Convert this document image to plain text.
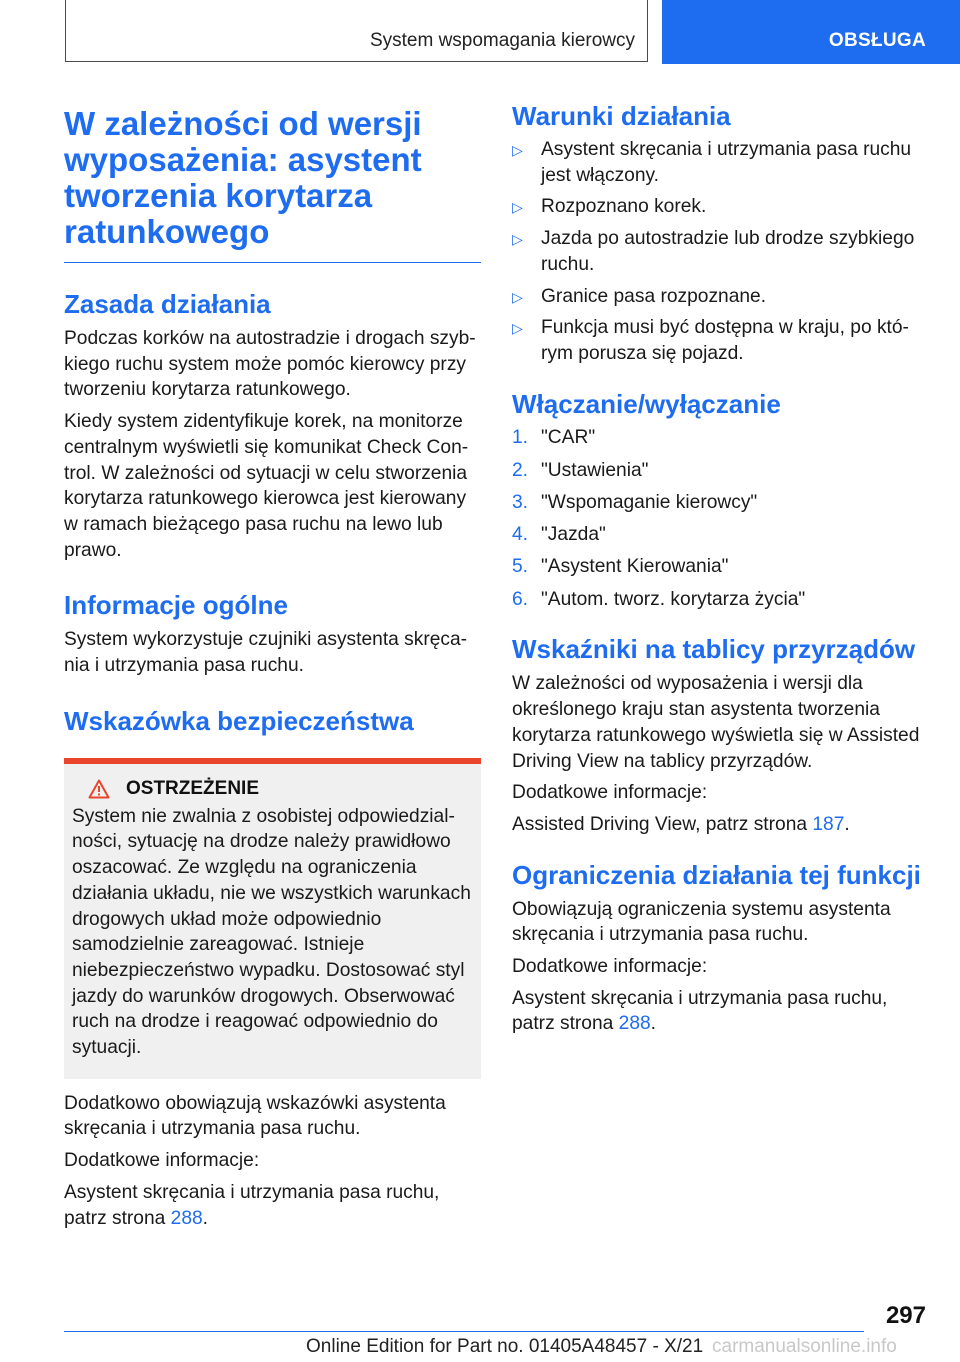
System wspomagania kierowcy	OBSŁUGA
W zależności od wersji wyposażenia: asystent tworzenia korytarza ratunkowego
Zasada działania

Podczas korków na autostradzie i drogach szybkiego ruchu system może pomóc kierowcy przy tworzeniu korytarza ratunkowego.

Kiedy system zidentyfikuje korek, na monitorze centralnym wyświetli się komunikat Check Control. W zależności od sytuacji w celu stworzenia korytarza ratunkowego kierowca jest kierowany w ramach bieżącego pasa ruchu na lewo lub prawo.

Informacje ogólne

System wykorzystuje czujniki asystenta skręcania i utrzymania pasa ruchu.

Wskazówka bezpieczeństwa
OSTRZEŻENIE

System nie zwalnia z osobistej odpowiedzialności, sytuację na drodze należy prawidłowo oszacować. Ze względu na ograniczenia działania układu, nie we wszystkich warunkach drogowych układ może odpowiednio samodzielnie zareagować. Istnieje niebezpieczeństwo wypadku. Dostosować styl jazdy do warunków drogowych. Obserwować ruch na drodze i reagować odpowiednio do sytuacji.

Dodatkowo obowiązują wskazówki asystenta skręcania i utrzymania pasa ruchu.

Dodatkowe informacje:

Asystent skręcania i utrzymania pasa ruchu, patrz strona 288.

Warunki działania
▷ Asystent skręcania i utrzymania pasa ruchu jest włączony.
▷ Rozpoznano korek.
▷ Jazda po autostradzie lub drodze szybkiego ruchu.
▷ Granice pasa rozpoznane.
▷ Funkcja musi być dostępna w kraju, po którym porusza się pojazd.
Włączanie/wyłączanie
1. "CAR"
2. "Ustawienia"
3. "Wspomaganie kierowcy"
4. "Jazda"
5. "Asystent Kierowania"
6. "Autom. tworz. korytarza życia"
Wskaźniki na tablicy przyrządów

W zależności od wyposażenia i wersji dla określonego kraju stan asystenta tworzenia korytarza ratunkowego wyświetla się w Assisted Driving View na tablicy przyrządów.

Dodatkowe informacje:

Assisted Driving View, patrz strona 187.

Ograniczenia działania tej funkcji

Obowiązują ograniczenia systemu asystenta skręcania i utrzymania pasa ruchu.

Dodatkowe informacje:

Asystent skręcania i utrzymania pasa ruchu, patrz strona 288.

297
Online Edition for Part no. 01405A48457 - X/21 carmanualsonline.info
